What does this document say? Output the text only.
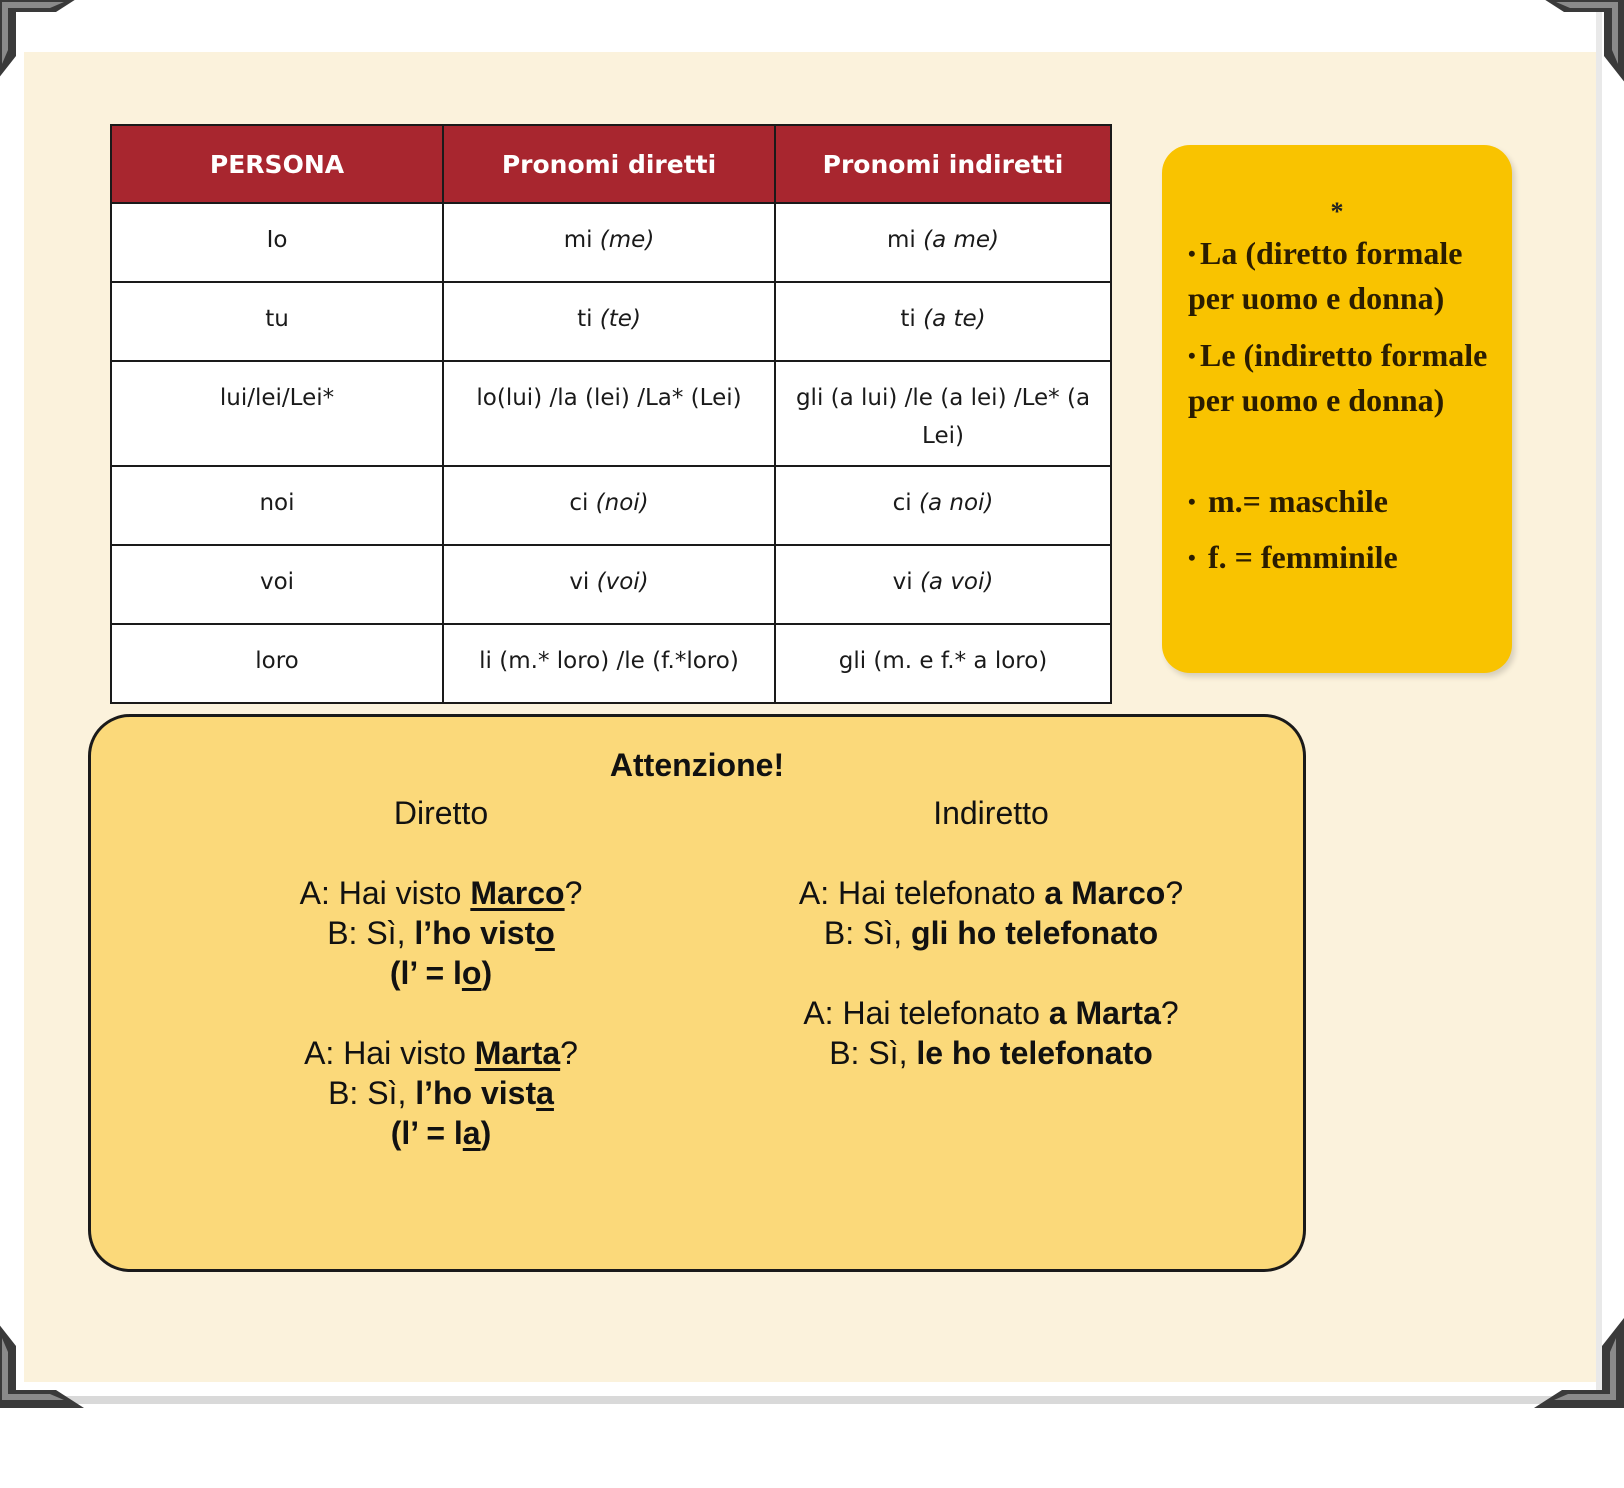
PERSONA	Pronomi diretti	Pronomi indiretti
Io	mi (me)	mi (a me)
tu	ti (te)	ti (a te)
lui/lei/Lei*	lo(lui) /la (lei) /La* (Lei)	gli (a lui) /le (a lei) /Le* (a Lei)
noi	ci (noi)	ci (a noi)
voi	vi (voi)	vi (a voi)
loro	li (m.* loro) /le (f.*loro)	gli (m. e f.* a loro)
*
• La (diretto formale per uomo e donna)
• Le (indiretto formale per uomo e donna)
• m.= maschile
• f. = femminile
Attenzione!
Diretto
A: Hai visto Marco?
B: Sì, l’ho visto
(l’ = lo)
A: Hai visto Marta?
B: Sì, l’ho vista
(l’ = la)
Indiretto
A: Hai telefonato a Marco?
B: Sì, gli ho telefonato
A: Hai telefonato a Marta?
B: Sì, le ho telefonato
